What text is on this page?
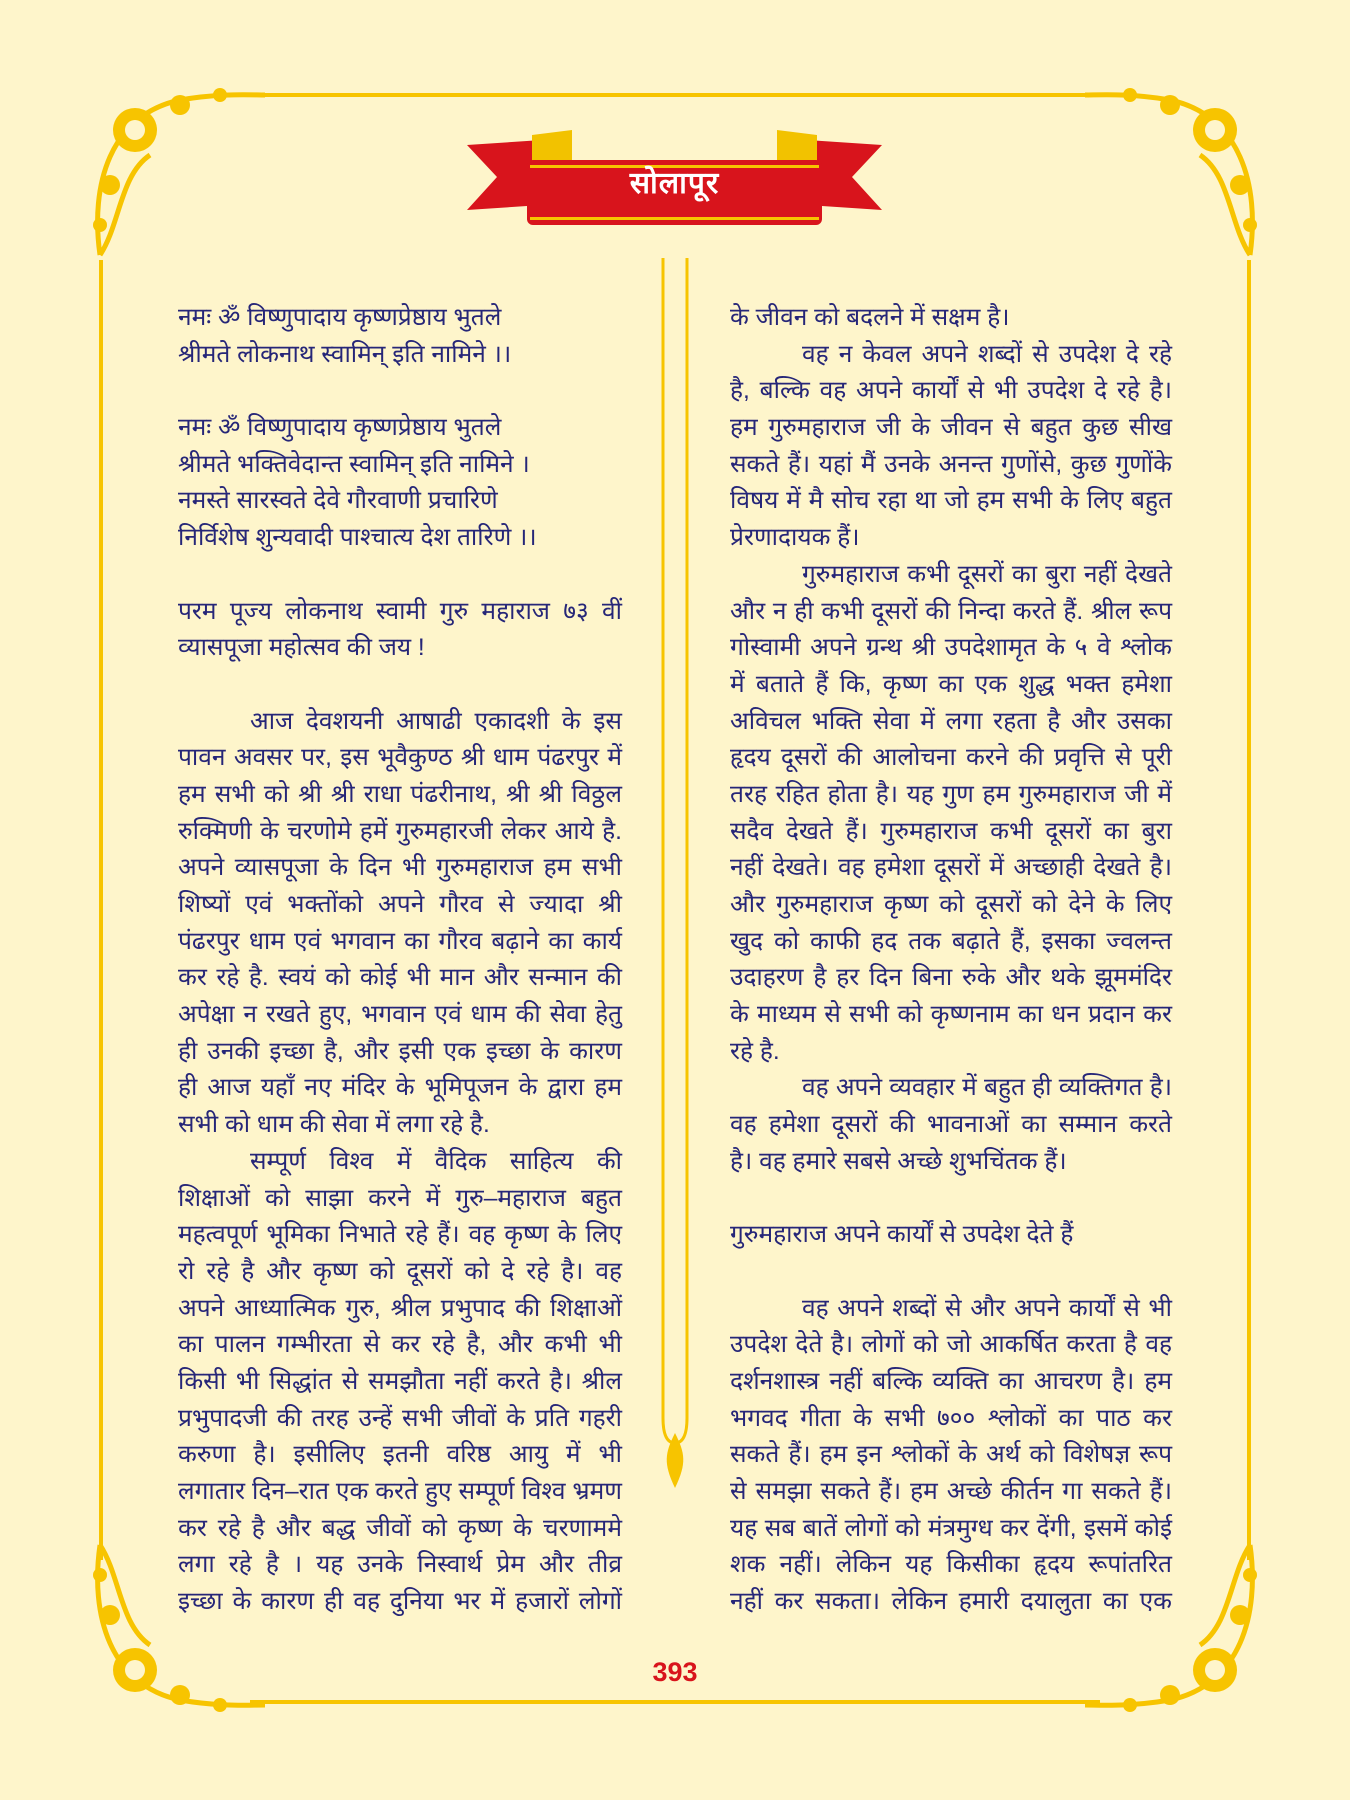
सोलापूर
नमः ॐ विष्णुपादाय कृष्णप्रेष्ठाय भुतले
श्रीमते लोकनाथ स्वामिन् इति नामिने ।।
नमः ॐ विष्णुपादाय कृष्णप्रेष्ठाय भुतले
श्रीमते भक्तिवेदान्त स्वामिन् इति नामिने ।
नमस्ते सारस्वते देवे गौरवाणी प्रचारिणे
निर्विशेष शुन्यवादी पाश्चात्य देश तारिणे ।।
परम पूज्य लोकनाथ स्वामी गुरु महाराज ७३ वीं
व्यासपूजा महोत्सव की जय !
आज देवशयनी आषाढी एकादशी के इस
पावन अवसर पर, इस भूवैकुण्ठ श्री धाम पंढरपुर में
हम सभी को श्री श्री राधा पंढरीनाथ, श्री श्री विठ्ठल
रुक्मिणी के चरणोमे हमें गुरुमहारजी लेकर आये है.
अपने व्यासपूजा के दिन भी गुरुमहाराज हम सभी
शिष्यों एवं भक्तोंको अपने गौरव से ज्यादा श्री
पंढरपुर धाम एवं भगवान का गौरव बढ़ाने का कार्य
कर रहे है. स्वयं को कोई भी मान और सन्मान की
अपेक्षा न रखते हुए, भगवान एवं धाम की सेवा हेतु
ही उनकी इच्छा है, और इसी एक इच्छा के कारण
ही आज यहाँ नए मंदिर के भूमिपूजन के द्वारा हम
सभी को धाम की सेवा में लगा रहे है.
सम्पूर्ण विश्व में वैदिक साहित्य की
शिक्षाओं को साझा करने में गुरु–महाराज बहुत
महत्वपूर्ण भूमिका निभाते रहे हैं। वह कृष्ण के लिए
रो रहे है और कृष्ण को दूसरों को दे रहे है। वह
अपने आध्यात्मिक गुरु, श्रील प्रभुपाद की शिक्षाओं
का पालन गम्भीरता से कर रहे है, और कभी भी
किसी भी सिद्धांत से समझौता नहीं करते है। श्रील
प्रभुपादजी की तरह उन्हें सभी जीवों के प्रति गहरी
करुणा है। इसीलिए इतनी वरिष्ठ आयु में भी
लगातार दिन–रात एक करते हुए सम्पूर्ण विश्व भ्रमण
कर रहे है और बद्ध जीवों को कृष्ण के चरणाममे
लगा रहे है । यह उनके निस्वार्थ प्रेम और तीव्र
इच्छा के कारण ही वह दुनिया भर में हजारों लोगों
के जीवन को बदलने में सक्षम है।
वह न केवल अपने शब्दों से उपदेश दे रहे
है, बल्कि वह अपने कार्यों से भी उपदेश दे रहे है।
हम गुरुमहाराज जी के जीवन से बहुत कुछ सीख
सकते हैं। यहां मैं उनके अनन्त गुणोंसे, कुछ गुणोंके
विषय में मै सोच रहा था जो हम सभी के लिए बहुत
प्रेरणादायक हैं।
गुरुमहाराज कभी दूसरों का बुरा नहीं देखते
और न ही कभी दूसरों की निन्दा करते हैं. श्रील रूप
गोस्वामी अपने ग्रन्थ श्री उपदेशामृत के ५ वे श्लोक
में बताते हैं कि, कृष्ण का एक शुद्ध भक्त हमेशा
अविचल भक्ति सेवा में लगा रहता है और उसका
हृदय दूसरों की आलोचना करने की प्रवृत्ति से पूरी
तरह रहित होता है। यह गुण हम गुरुमहाराज जी में
सदैव देखते हैं। गुरुमहाराज कभी दूसरों का बुरा
नहीं देखते। वह हमेशा दूसरों में अच्छाही देखते है।
और गुरुमहाराज कृष्ण को दूसरों को देने के लिए
खुद को काफी हद तक बढ़ाते हैं, इसका ज्वलन्त
उदाहरण है हर दिन बिना रुके और थके झूममंदिर
के माध्यम से सभी को कृष्णनाम का धन प्रदान कर
रहे है.
वह अपने व्यवहार में बहुत ही व्यक्तिगत है।
वह हमेशा दूसरों की भावनाओं का सम्मान करते
है। वह हमारे सबसे अच्छे शुभचिंतक हैं।
गुरुमहाराज अपने कार्यों से उपदेश देते हैं
वह अपने शब्दों से और अपने कार्यों से भी
उपदेश देते है। लोगों को जो आकर्षित करता है वह
दर्शनशास्त्र नहीं बल्कि व्यक्ति का आचरण है। हम
भगवद गीता के सभी ७०० श्लोकों का पाठ कर
सकते हैं। हम इन श्लोकों के अर्थ को विशेषज्ञ रूप
से समझा सकते हैं। हम अच्छे कीर्तन गा सकते हैं।
यह सब बातें लोगों को मंत्रमुग्ध कर देंगी, इसमें कोई
शक नहीं। लेकिन यह किसीका हृदय रूपांतरित
नहीं कर सकता। लेकिन हमारी दयालुता का एक
393
